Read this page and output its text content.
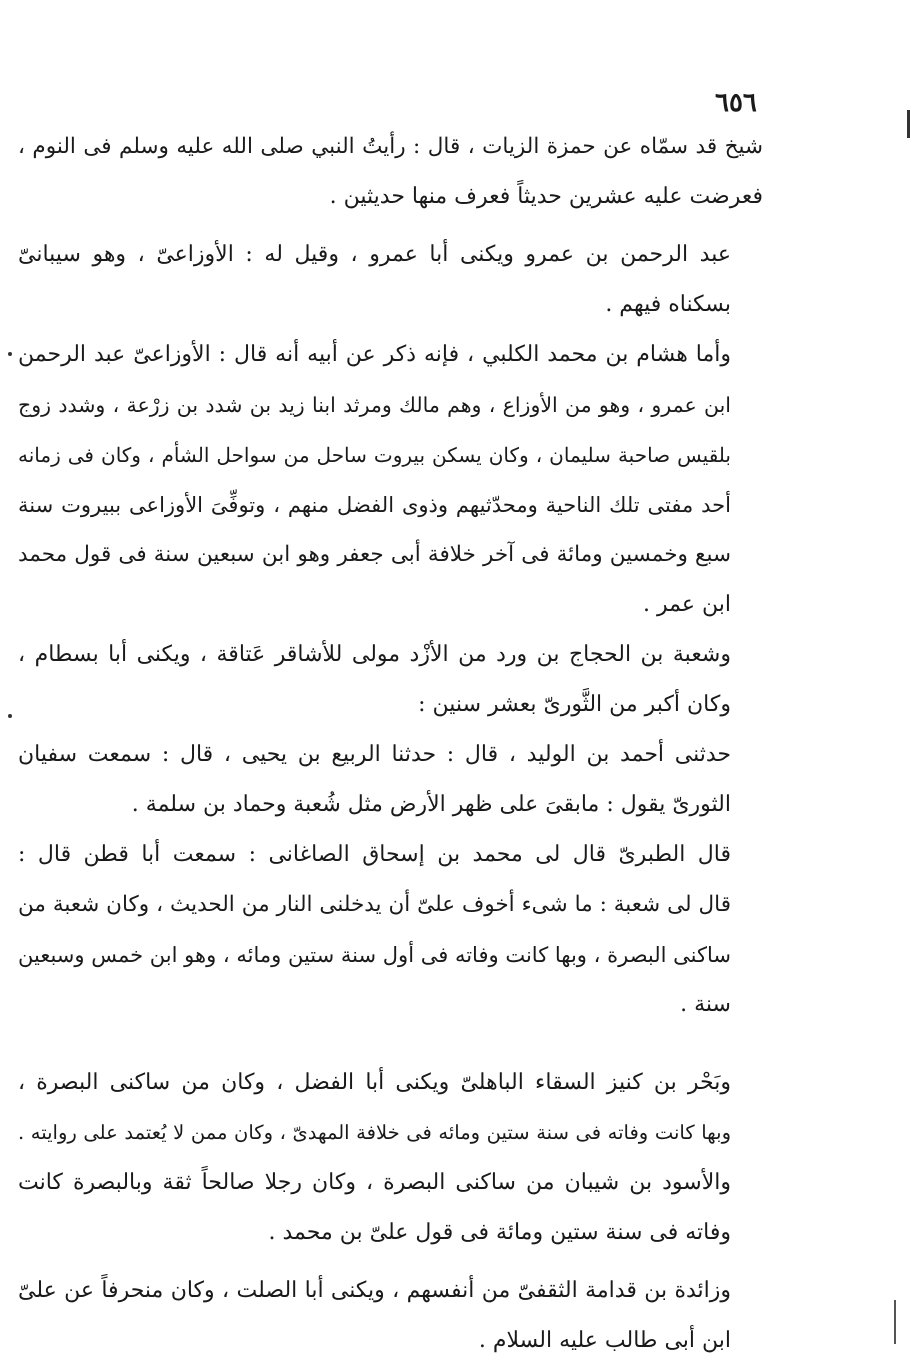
٦٥٦

شيخ قد سمّاه عن حمزة الزيات ، قال : رأيتُ النبي صلى الله عليه وسلم فى النوم ،
فعرضت عليه عشرين حديثاً فعرف منها حديثين .

عبد الرحمن بن عمرو ويكنى أبا عمرو ، وقيل له : الأوزاعىّ ، وهو سيبانىّ
بسكناه فيهم .

وأما هشام بن محمد الكلبي ، فإنه ذكر عن أبيه أنه قال : الأوزاعىّ عبد الرحمن
ابن عمرو ، وهو من الأوزاع ، وهم مالك ومرثد ابنا زيد بن شدد بن زرْعة ، وشدد زوج
بلقيس صاحبة سليمان ، وكان يسكن بيروت ساحل من سواحل الشأم ، وكان فى زمانه
أحد مفتى تلك الناحية ومحدّثيهم وذوى الفضل منهم ، وتوفِّىَ الأوزاعى ببيروت سنة
سبع وخمسين ومائة فى آخر خلافة أبى جعفر وهو ابن سبعين سنة فى قول محمد
ابن عمر .

وشعبة بن الحجاج بن ورد من الأزْد مولى للأشاقر عَتاقة ، ويكنى أبا بسطام ،
وكان أكبر من الثَّورىّ بعشر سنين :

حدثنى أحمد بن الوليد ، قال : حدثنا الربيع بن يحيى ، قال : سمعت سفيان
الثورىّ يقول : مابقىَ على ظهر الأرض مثل شُعبة وحماد بن سلمة .

قال الطبرىّ قال لى محمد بن إسحاق الصاغانى : سمعت أبا قطن قال :
قال لى شعبة : ما شىء أخوف علىّ أن يدخلنى النار من الحديث ، وكان شعبة من
ساكنى البصرة ، وبها كانت وفاته فى أول سنة ستين ومائه ، وهو ابن خمس وسبعين
سنة .

وبَحْر بن كنيز السقاء الباهلىّ ويكنى أبا الفضل ، وكان من ساكنى البصرة ،
وبها كانت وفاته فى سنة ستين ومائه فى خلافة المهدىّ ، وكان ممن لا يُعتمد على روايته .

والأسود بن شيبان من ساكنى البصرة ، وكان رجلا صالحاً ثقة وبالبصرة كانت
وفاته فى سنة ستين ومائة فى قول علىّ بن محمد .

وزائدة بن قدامة الثقفىّ من أنفسهم ، ويكنى أبا الصلت ، وكان منحرفاً عن علىّ
ابن أبى طالب عليه السلام .
